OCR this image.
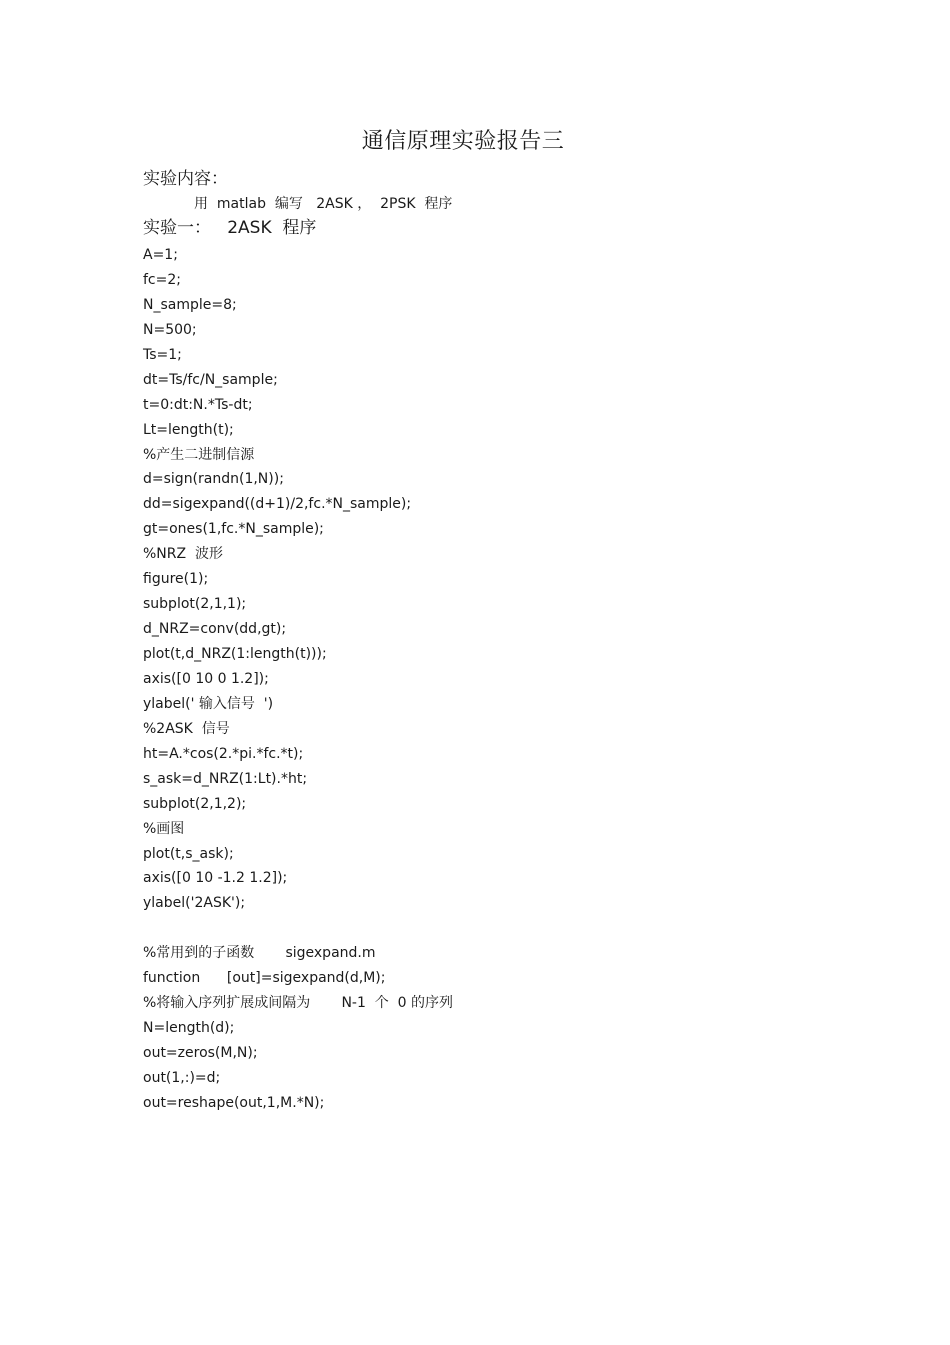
通信原理实验报告三
实验内容：
用  matlab  编写   2ASK ，  2PSK  程序
实验一：   2ASK  程序
A=1;
fc=2;
N_sample=8;
N=500;
Ts=1;
dt=Ts/fc/N_sample;
t=0:dt:N.*Ts-dt;
Lt=length(t);
%产生二进制信源
d=sign(randn(1,N));
dd=sigexpand((d+1)/2,fc.*N_sample);
gt=ones(1,fc.*N_sample);
%NRZ  波形
figure(1);
subplot(2,1,1);
d_NRZ=conv(dd,gt);
plot(t,d_NRZ(1:length(t)));
axis([0 10 0 1.2]);
ylabel(' 输入信号  ')
%2ASK  信号
ht=A.*cos(2.*pi.*fc.*t);
s_ask=d_NRZ(1:Lt).*ht;
subplot(2,1,2);
%画图
plot(t,s_ask);
axis([0 10 -1.2 1.2]);
ylabel('2ASK');
%常用到的子函数       sigexpand.m
function      [out]=sigexpand(d,M);
%将输入序列扩展成间隔为       N-1  个  0 的序列
N=length(d);
out=zeros(M,N);
out(1,:)=d;
out=reshape(out,1,M.*N);
